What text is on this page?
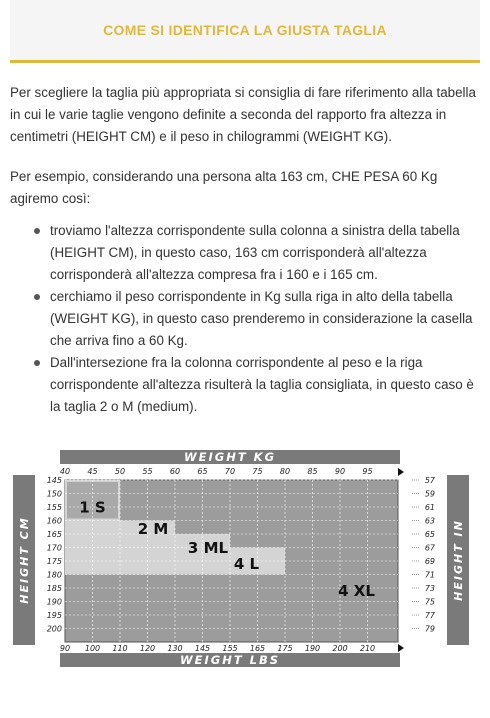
COME SI IDENTIFICA LA GIUSTA TAGLIA

Per scegliere la taglia più appropriata si consiglia di fare riferimento alla tabella in cui le varie taglie vengono definite a seconda del rapporto fra altezza in centimetri (HEIGHT CM) e il peso in chilogrammi (WEIGHT KG).

Per esempio, considerando una persona alta 163 cm, CHE PESA 60 Kg agiremo così:

troviamo l'altezza corrispondente sulla colonna a sinistra della tabella (HEIGHT CM), in questo caso, 163 cm corrisponderà all'altezza corrisponderà all'altezza compresa fra i 160 e i 165 cm.
cerchiamo il peso corrispondente in Kg sulla riga in alto della tabella (WEIGHT KG), in questo caso prenderemo in considerazione la casella che arriva fino a 60 Kg.
Dall'intersezione fra la colonna corrispondente al peso e la riga corrispondente all'altezza risulterà la taglia consigliata, in questo caso è la taglia 2 o M (medium).
WEIGHT KG
WEIGHT LBS
HEIGHT CM	HEIGHT IN
40 45 50 55 60 65 70 75 80 85 90 95
90 100 110 120 130 145 155 165 175 190 200 210
145
150
155
160
165
170
175
180
185
190
195
200
57
59
61
63
65
67
69
71
73
75
77
79
1 S
2 M
3 ML
4 L
4 XL
